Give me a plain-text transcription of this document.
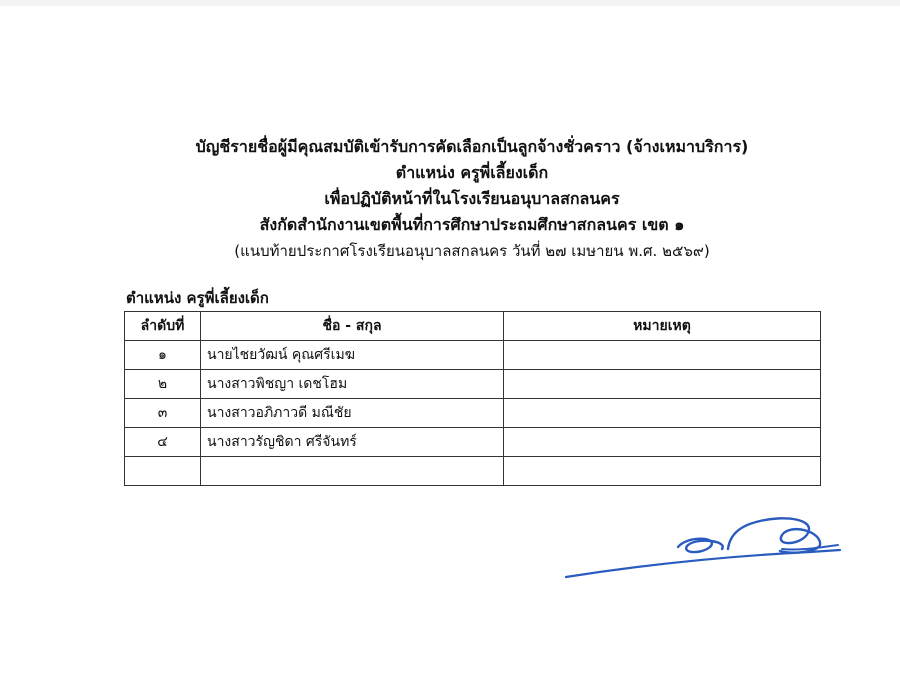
บัญชีรายชื่อผู้มีคุณสมบัติเข้ารับการคัดเลือกเป็นลูกจ้างชั่วคราว (จ้างเหมาบริการ)
ตำแหน่ง ครูพี่เลี้ยงเด็ก
เพื่อปฏิบัติหน้าที่ในโรงเรียนอนุบาลสกลนคร
สังกัดสำนักงานเขตพื้นที่การศึกษาประถมศึกษาสกลนคร เขต ๑
(แนบท้ายประกาศโรงเรียนอนุบาลสกลนคร วันที่ ๒๗ เมษายน พ.ศ. ๒๕๖๙)
ตำแหน่ง ครูพี่เลี้ยงเด็ก
ลำดับที่	ชื่อ - สกุล	หมายเหตุ
๑	นายไชยวัฒน์ คุณศรีเมฆ	
๒	นางสาวพิชญา เดชโฮม	
๓	นางสาวอภิภาวดี มณีชัย	
๔	นางสาวรัญชิดา ศรีจันทร์	
